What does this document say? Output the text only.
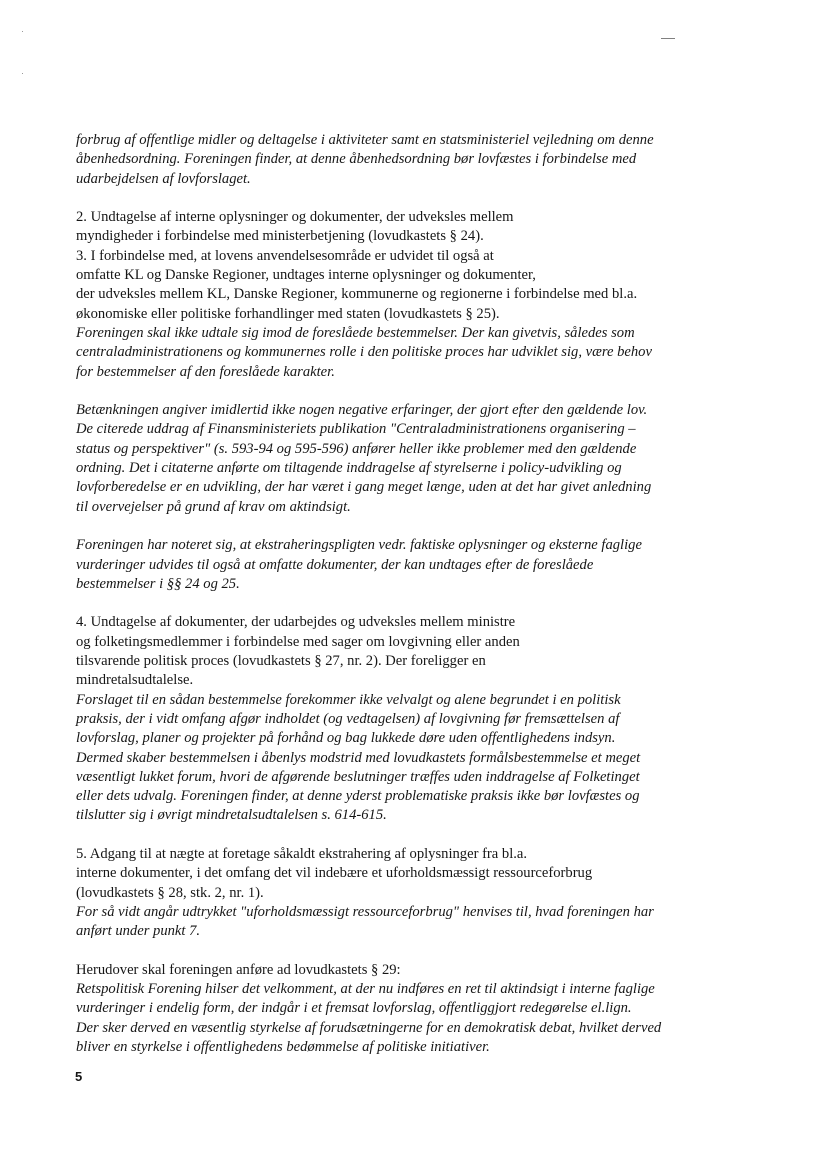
forbrug af offentlige midler og deltagelse i aktiviteter samt en statsministeriel vejledning om denne

åbenhedsordning. Foreningen finder, at denne åbenhedsordning bør lovfæstes i forbindelse med

udarbejdelsen af lovforslaget.

2. Undtagelse af interne oplysninger og dokumenter, der udveksles mellem

myndigheder i forbindelse med ministerbetjening (lovudkastets § 24).

3. I forbindelse med, at lovens anvendelsesområde er udvidet til også at

omfatte KL og Danske Regioner, undtages interne oplysninger og dokumenter,

der udveksles mellem KL, Danske Regioner, kommunerne og regionerne i forbindelse med bl.a.

økonomiske eller politiske forhandlinger med staten (lovudkastets § 25).

Foreningen skal ikke udtale sig imod de foreslåede bestemmelser. Der kan givetvis, således som

centraladministrationens og kommunernes rolle i den politiske proces har udviklet sig, være behov

for bestemmelser af den foreslåede karakter.

Betænkningen angiver imidlertid ikke nogen negative erfaringer, der gjort efter den gældende lov.

De citerede uddrag af Finansministeriets publikation "Centraladministrationens organisering –

status og perspektiver" (s. 593-94 og 595-596) anfører heller ikke problemer med den gældende

ordning. Det i citaterne anførte om tiltagende inddragelse af styrelserne i policy-udvikling og

lovforberedelse er en udvikling, der har været i gang meget længe, uden at det har givet anledning

til overvejelser på grund af krav om aktindsigt.

Foreningen har noteret sig, at ekstraheringspligten vedr. faktiske oplysninger og eksterne faglige

vurderinger udvides til også at omfatte dokumenter, der kan undtages efter de foreslåede

bestemmelser i §§ 24 og 25.

4. Undtagelse af dokumenter, der udarbejdes og udveksles mellem ministre

og folketingsmedlemmer i forbindelse med sager om lovgivning eller anden

tilsvarende politisk proces (lovudkastets § 27, nr. 2). Der foreligger en

mindretalsudtalelse.

Forslaget til en sådan bestemmelse forekommer ikke velvalgt og alene begrundet i en politisk

praksis, der i vidt omfang afgør indholdet (og vedtagelsen) af lovgivning før fremsættelsen af

lovforslag, planer og projekter på forhånd og bag lukkede døre uden offentlighedens indsyn.

Dermed skaber bestemmelsen i åbenlys modstrid med lovudkastets formålsbestemmelse et meget

væsentligt lukket forum, hvori de afgørende beslutninger træffes uden inddragelse af Folketinget

eller dets udvalg. Foreningen finder, at denne yderst problematiske praksis ikke bør lovfæstes og

tilslutter sig i øvrigt mindretalsudtalelsen s. 614-615.

5. Adgang til at nægte at foretage såkaldt ekstrahering af oplysninger fra bl.a.

interne dokumenter, i det omfang det vil indebære et uforholdsmæssigt ressourceforbrug

(lovudkastets § 28, stk. 2, nr. 1).

For så vidt angår udtrykket "uforholdsmæssigt ressourceforbrug" henvises til, hvad foreningen har

anført under punkt 7.

Herudover skal foreningen anføre ad lovudkastets § 29:

Retspolitisk Forening hilser det velkomment, at der nu indføres en ret til aktindsigt i interne faglige

vurderinger i endelig form, der indgår i et fremsat lovforslag, offentliggjort redegørelse el.lign.

Der sker derved en væsentlig styrkelse af forudsætningerne for en demokratisk debat, hvilket derved

bliver en styrkelse i offentlighedens bedømmelse af politiske initiativer.

5
